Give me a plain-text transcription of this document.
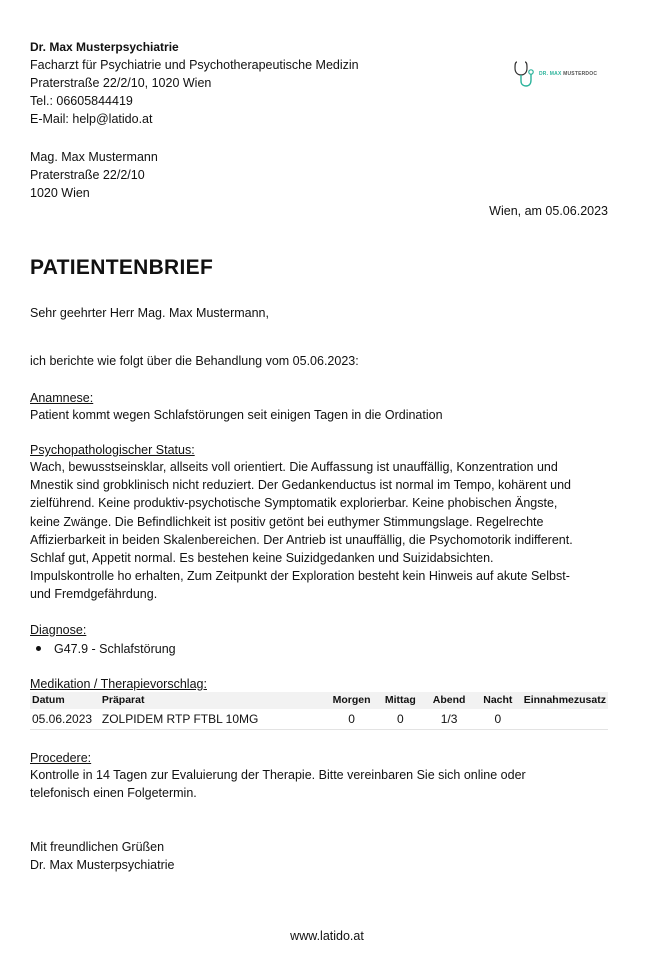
DR. MAX MUSTERDOC
Dr. Max Musterpsychiatrie
Facharzt für Psychiatrie und Psychotherapeutische Medizin
Praterstraße 22/2/10, 1020 Wien
Tel.: 06605844419
E-Mail: help@latido.at
Mag. Max Mustermann
Praterstraße 22/2/10
1020 Wien
Wien, am 05.06.2023
PATIENTENBRIEF
Sehr geehrter Herr Mag. Max Mustermann,
ich berichte wie folgt über die Behandlung vom 05.06.2023:
Anamnese:
Patient kommt wegen Schlafstörungen seit einigen Tagen in die Ordination
Psychopathologischer Status:
Wach, bewusstseinsklar, allseits voll orientiert. Die Auffassung ist unauffällig, Konzentration und
Mnestik sind grobklinisch nicht reduziert. Der Gedankenductus ist normal im Tempo, kohärent und
zielführend. Keine produktiv-psychotische Symptomatik explorierbar. Keine phobischen Ängste,
keine Zwänge. Die Befindlichkeit ist positiv getönt bei euthymer Stimmungslage. Regelrechte
Affizierbarkeit in beiden Skalenbereichen. Der Antrieb ist unauffällig, die Psychomotorik indifferent.
Schlaf gut, Appetit normal. Es bestehen keine Suizidgedanken und Suizidabsichten.
Impulskontrolle ho erhalten, Zum Zeitpunkt der Exploration besteht kein Hinweis auf akute Selbst-
und Fremdgefährdung.
Diagnose:
G47.9 - Schlafstörung
Medikation / Therapievorschlag:
Datum	Präparat	Morgen	Mittag	Abend	Nacht	Einnahmezusatz
05.06.2023	ZOLPIDEM RTP FTBL 10MG	0	0	1/3	0	
Procedere:
Kontrolle in 14 Tagen zur Evaluierung der Therapie. Bitte vereinbaren Sie sich online oder
telefonisch einen Folgetermin.
Mit freundlichen Grüßen
Dr. Max Musterpsychiatrie
www.latido.at
